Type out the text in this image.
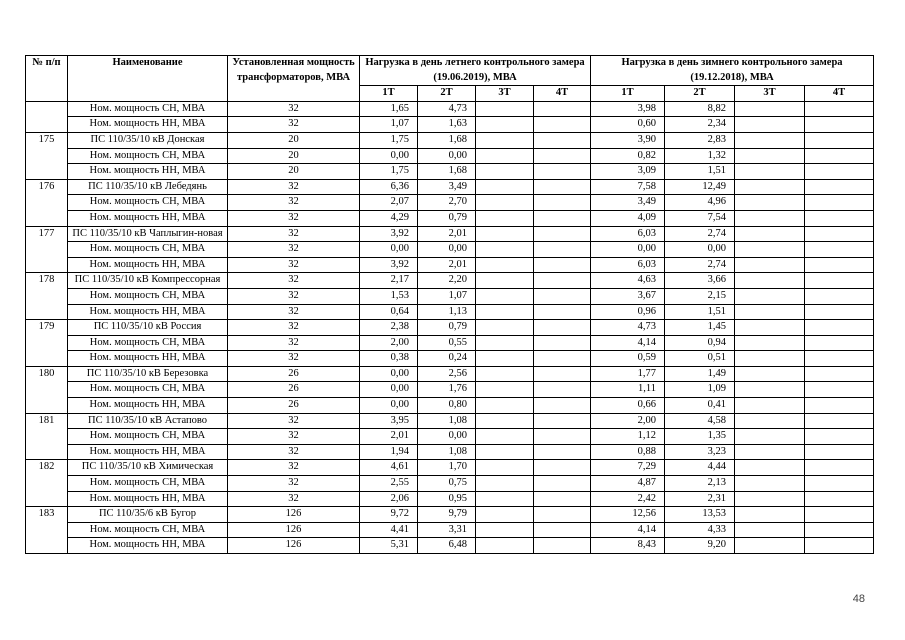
№ п/п	Наименование	Установленная мощность трансформаторов, МВА	Нагрузка в день летнего контрольного замера (19.06.2019), МВА				Нагрузка в день зимнего контрольного замера (19.12.2018), МВА			
			1Т	2Т	3Т	4Т	1Т	2Т	3Т	4Т
	Ном. мощность СН, МВА	32	1,65	4,73			3,98	8,82		
	Ном. мощность НН, МВА	32	1,07	1,63			0,60	2,34		
175	ПС 110/35/10 кВ Донская	20	1,75	1,68			3,90	2,83		
	Ном. мощность СН, МВА	20	0,00	0,00			0,82	1,32		
	Ном. мощность НН, МВА	20	1,75	1,68			3,09	1,51		
176	ПС 110/35/10 кВ Лебедянь	32	6,36	3,49			7,58	12,49		
	Ном. мощность СН, МВА	32	2,07	2,70			3,49	4,96		
	Ном. мощность НН, МВА	32	4,29	0,79			4,09	7,54		
177	ПС 110/35/10 кВ Чаплыгин-новая	32	3,92	2,01			6,03	2,74		
	Ном. мощность СН, МВА	32	0,00	0,00			0,00	0,00		
	Ном. мощность НН, МВА	32	3,92	2,01			6,03	2,74		
178	ПС 110/35/10 кВ Компрессорная	32	2,17	2,20			4,63	3,66		
	Ном. мощность СН, МВА	32	1,53	1,07			3,67	2,15		
	Ном. мощность НН, МВА	32	0,64	1,13			0,96	1,51		
179	ПС 110/35/10 кВ Россия	32	2,38	0,79			4,73	1,45		
	Ном. мощность СН, МВА	32	2,00	0,55			4,14	0,94		
	Ном. мощность НН, МВА	32	0,38	0,24			0,59	0,51		
180	ПС 110/35/10 кВ Березовка	26	0,00	2,56			1,77	1,49		
	Ном. мощность СН, МВА	26	0,00	1,76			1,11	1,09		
	Ном. мощность НН, МВА	26	0,00	0,80			0,66	0,41		
181	ПС 110/35/10 кВ Астапово	32	3,95	1,08			2,00	4,58		
	Ном. мощность СН, МВА	32	2,01	0,00			1,12	1,35		
	Ном. мощность НН, МВА	32	1,94	1,08			0,88	3,23		
182	ПС 110/35/10 кВ Химическая	32	4,61	1,70			7,29	4,44		
	Ном. мощность СН, МВА	32	2,55	0,75			4,87	2,13		
	Ном. мощность НН, МВА	32	2,06	0,95			2,42	2,31		
183	ПС 110/35/6 кВ Бугор	126	9,72	9,79			12,56	13,53		
	Ном. мощность СН, МВА	126	4,41	3,31			4,14	4,33		
	Ном. мощность НН, МВА	126	5,31	6,48			8,43	9,20		
48
